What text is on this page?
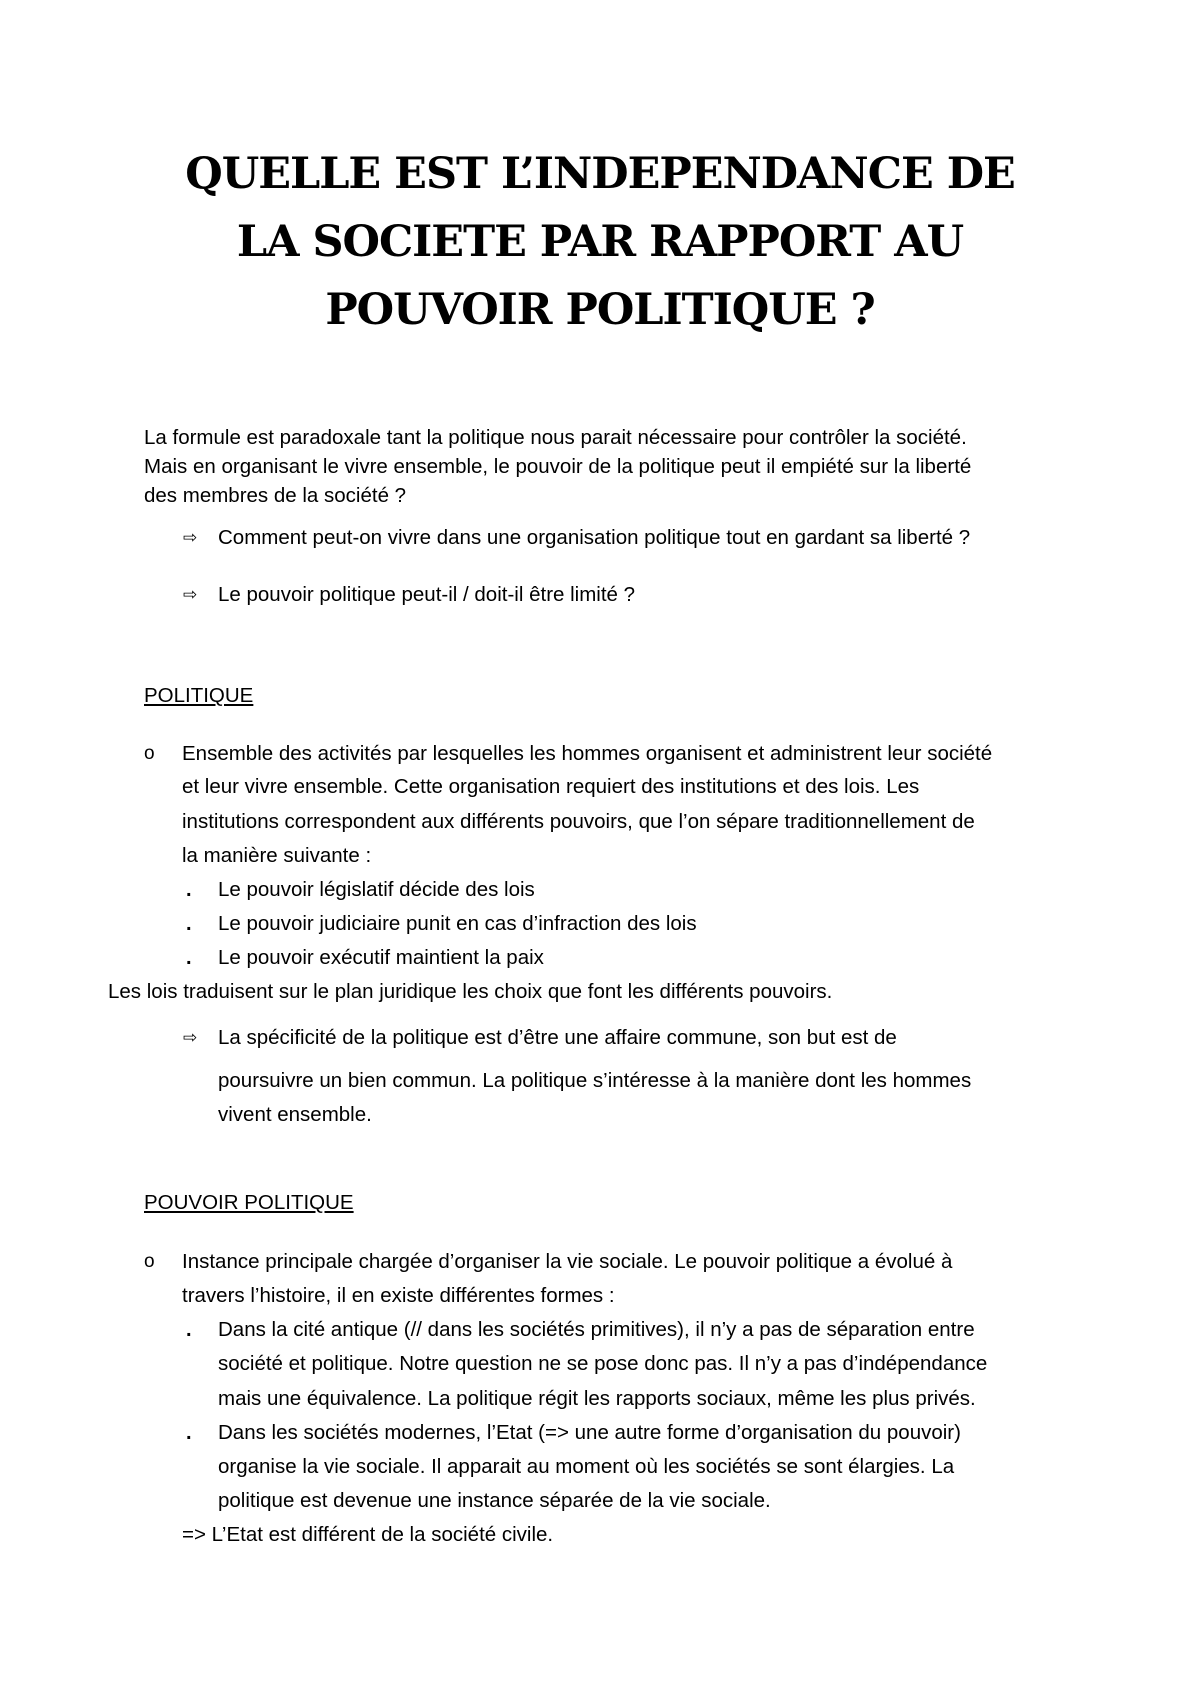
QUELLE EST L’INDEPENDANCE DE
LA SOCIETE PAR RAPPORT AU
POUVOIR POLITIQUE ?
La formule est paradoxale tant la politique nous parait nécessaire pour contrôler la société.
Mais en organisant le vivre ensemble, le pouvoir de la politique peut il empiété sur la liberté
des membres de la société ?
⇨ Comment peut-on vivre dans une organisation politique tout en gardant sa liberté ?
⇨ Le pouvoir politique peut-il / doit-il être limité ?
POLITIQUE
o Ensemble des activités par lesquelles les hommes organisent et administrent leur société
et leur vivre ensemble. Cette organisation requiert des institutions et des lois. Les
institutions correspondent aux différents pouvoirs, que l’on sépare traditionnellement de
la manière suivante :
. Le pouvoir législatif décide des lois
. Le pouvoir judiciaire punit en cas d’infraction des lois
. Le pouvoir exécutif maintient la paix
Les lois traduisent sur le plan juridique les choix que font les différents pouvoirs.
⇨ La spécificité de la politique est d’être une affaire commune, son but est de
poursuivre un bien commun. La politique s’intéresse à la manière dont les hommes
vivent ensemble.
POUVOIR POLITIQUE
o Instance principale chargée d’organiser la vie sociale. Le pouvoir politique a évolué à
travers l’histoire, il en existe différentes formes :
. Dans la cité antique (// dans les sociétés primitives), il n’y a pas de séparation entre
société et politique. Notre question ne se pose donc pas. Il n’y a pas d’indépendance
mais une équivalence. La politique régit les rapports sociaux, même les plus privés.
. Dans les sociétés modernes, l’Etat (=> une autre forme d’organisation du pouvoir)
organise la vie sociale. Il apparait au moment où les sociétés se sont élargies. La
politique est devenue une instance séparée de la vie sociale.
=> L’Etat est différent de la société civile.
